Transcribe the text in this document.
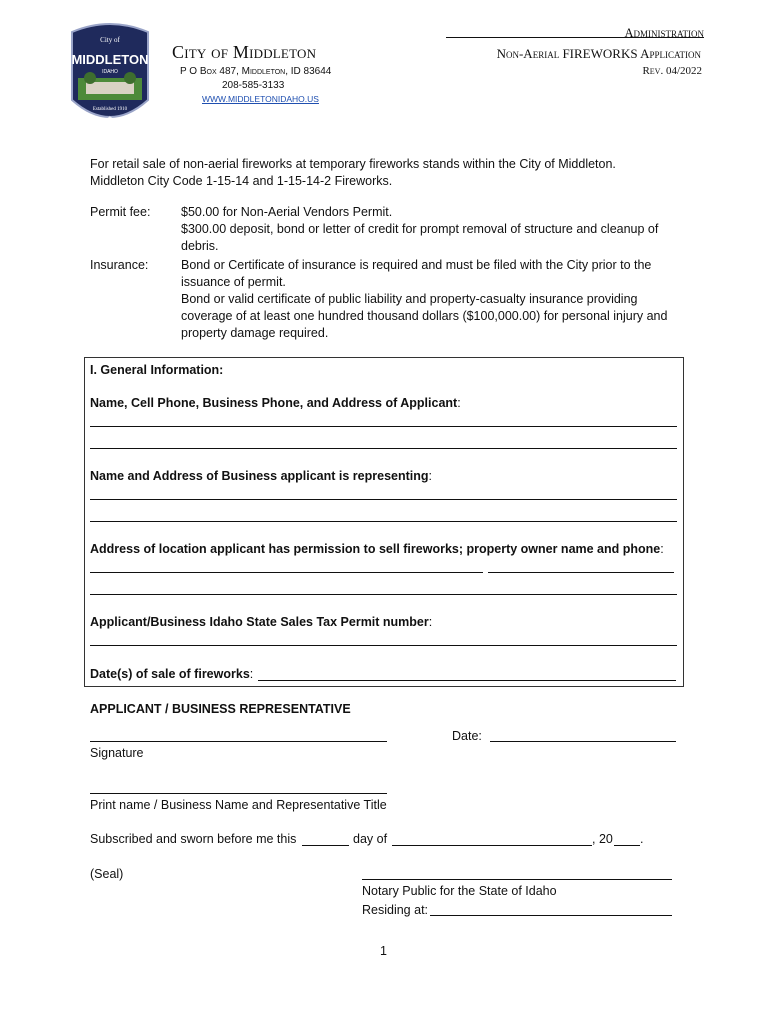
City of
MIDDLETON
IDAHO
Established 1910
★
City of Middleton
P O Box 487, Middleton, ID 83644
208-585-3133
WWW.MIDDLETONIDAHO.US
Administration
Non-Aerial FIREWORKS Application
Rev. 04/2022
For retail sale of non-aerial fireworks at temporary fireworks stands within the City of Middleton.
Middleton City Code 1-15-14 and 1-15-14-2 Fireworks.
Permit fee: $50.00 for Non-Aerial Vendors Permit.
$300.00 deposit, bond or letter of credit for prompt removal of structure and cleanup of
debris.
Insurance:	Bond or Certificate of insurance is required and must be filed with the City prior to the
issuance of permit.
Bond or valid certificate of public liability and property-casualty insurance providing
coverage of at least one hundred thousand dollars ($100,000.00) for personal injury and
property damage required.
I. General Information:
Name, Cell Phone, Business Phone, and Address of Applicant:
Name and Address of Business applicant is representing:
Address of location applicant has permission to sell fireworks; property owner name and phone:
Applicant/Business Idaho State Sales Tax Permit number:
Date(s) of sale of fireworks:
APPLICANT / BUSINESS REPRESENTATIVE
Date:
Signature
Print name / Business Name and Representative Title
Subscribed and sworn before me this	day of	, 20 .
(Seal)
Notary Public for the State of Idaho
Residing at:
1
